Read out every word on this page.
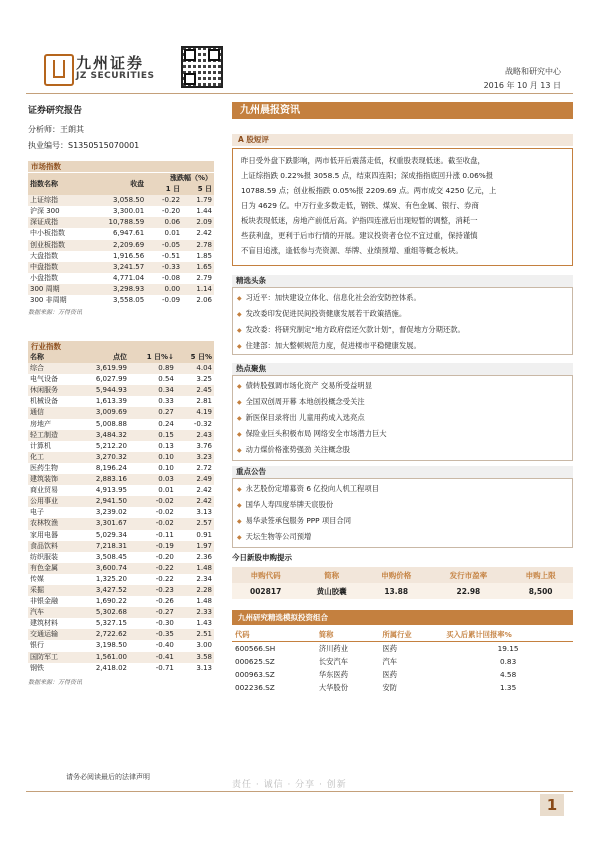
九州证券
JZ SECURITIES	战略和研究中心
2016 年 10 月 13 日
证券研究报告
分析师：王朗其
执业编号：S1350515070001
市场指数
指数名称	收盘	涨跌幅（%）	
		1 日	5 日
上证综指	3,058.50	-0.22	1.79
沪深 300	3,300.01	-0.20	1.44
深证成指	10,788.59	0.06	2.09
中小板指数	6,947.61	0.01	2.42
创业板指数	2,209.69	-0.05	2.78
大盘指数	1,916.56	-0.51	1.85
中盘指数	3,241.57	-0.33	1.65
小盘指数	4,771.04	-0.08	2.79
300 周期	3,298.93	0.00	1.14
300 非周期	3,558.05	-0.09	2.06
数据来源：万得资讯
行业指数
名称	点位	1 日%↓	5 日%
综合	3,619.99	0.89	4.04
电气设备	6,027.99	0.54	3.25
休闲服务	5,944.93	0.34	2.45
机械设备	1,613.39	0.33	2.81
通信	3,009.69	0.27	4.19
房地产	5,008.88	0.24	-0.32
轻工制造	3,484.32	0.15	2.43
计算机	5,212.20	0.13	3.76
化工	3,270.32	0.10	3.23
医药生物	8,196.24	0.10	2.72
建筑装饰	2,883.16	0.03	2.49
商业贸易	4,913.95	0.01	2.42
公用事业	2,941.50	-0.02	2.42
电子	3,239.02	-0.02	3.13
农林牧渔	3,301.67	-0.02	2.57
家用电器	5,029.34	-0.11	0.91
食品饮料	7,218.31	-0.19	1.97
纺织服装	3,508.45	-0.20	2.36
有色金属	3,600.74	-0.22	1.48
传媒	1,325.20	-0.22	2.34
采掘	3,427.52	-0.23	2.28
非银金融	1,690.22	-0.26	1.48
汽车	5,302.68	-0.27	2.33
建筑材料	5,327.15	-0.30	1.43
交通运输	2,722.62	-0.35	2.51
银行	3,198.50	-0.40	3.00
国防军工	1,561.00	-0.41	3.58
钢铁	2,418.02	-0.71	3.13
数据来源：万得资讯
九州晨报资讯
A 股短评
昨日受外盘下跌影响，两市低开后震荡走低，权重股表现低迷。截至收盘，
上证综指跌 0.22%报 3058.5 点，结束四连阳；深成指指底回升涨 0.06%报
10788.59 点；创业板指跌 0.05%报 2209.69 点。两市成交 4250 亿元，上
日为 4629 亿。中万行业多数走低，钢铁、煤炭、有色金属、银行、券商
板块表现低迷，房地产前低后高。沪指四连涨后出现短暂的调整，消耗一
些获利盘，更利于后市行情的开展。建议投资者仓位不宜过重，保持谨慎
不盲目追涨，逢低参与壳资源、举牌、业绩预增、重组等概念板块。
精选头条
◆ 习近平：加快建设立体化、信息化社会治安防控体系。
◆ 发改委印发促进民间投资健康发展若干政策措施。
◆ 发改委：将研究制定“地方政府偿还欠款计划”，督促地方分期还款。
◆ 住建部：加大整顿规范力度，促进楼市平稳健康发展。
热点聚焦
◆ 债转股强调市场化资产 交易所受益明显
◆ 全国双创周开幕 本地创投概念受关注
◆ 新医保目录将出 儿童用药成入选亮点
◆ 保险业巨头积极布局 网络安全市场潜力巨大
◆ 动力煤价格涨势强劲 关注概念股
重点公告
◆ 永艺股份定增募资 6 亿投向人机工程项目
◆ 国华人寿四度举牌天宸股份
◆ 易华录签承包服务 PPP 项目合同
◆ 天坛生物等公司预增
今日新股申购提示
申购代码	简称	申购价格	发行市盈率	申购上限
002817	黄山胶囊	13.88	22.98	8,500
九州研究精选模拟投资组合
代码	简称	所属行业	买入后累计回报率%
600566.SH	济川药业	医药	19.15
000625.SZ	长安汽车	汽车	0.83
000963.SZ	华东医药	医药	4.58
002236.SZ	大华股份	安防	1.35
请务必阅读最后的法律声明
责任 · 诚信 · 分享 · 创新
1
